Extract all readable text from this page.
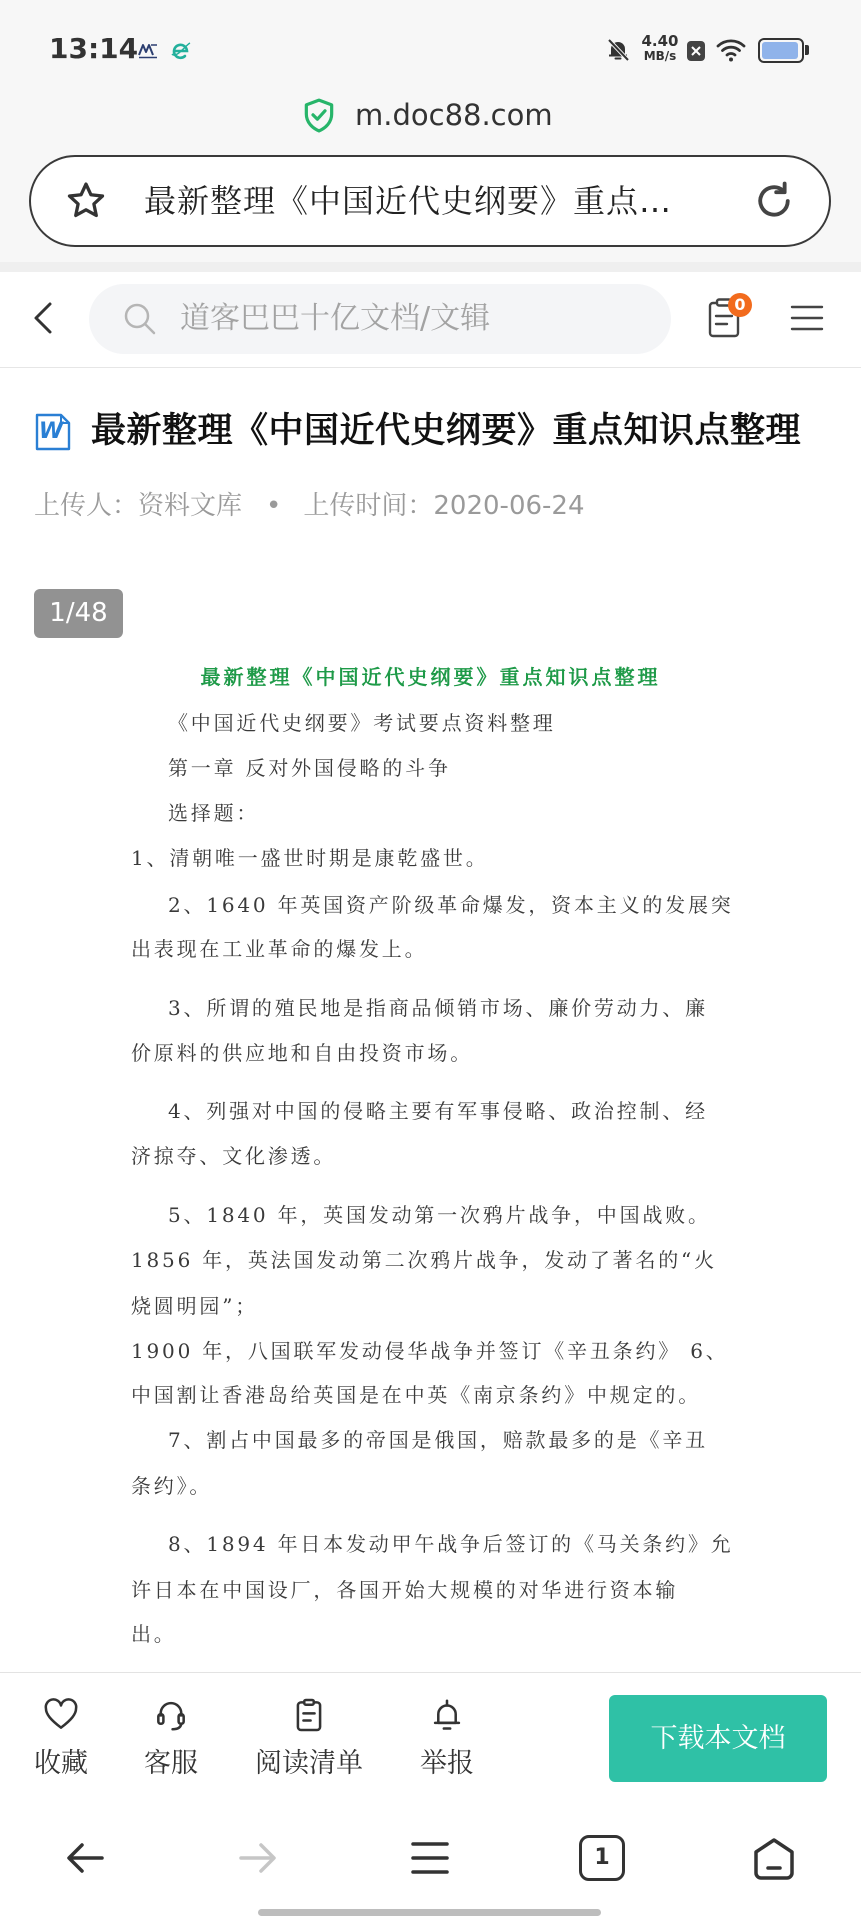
13:14	4.40
MB/s
m.doc88.com
最新整理《中国近代史纲要》重点…
道客巴巴十亿文档/文辑	0
W 最新整理《中国近代史纲要》重点知识点整理
上传人：资料文库 • 上传时间：2020-06-24
1/48
最新整理《中国近代史纲要》重点知识点整理
《中国近代史纲要》考试要点资料整理
第一章 反对外国侵略的斗争
选择题：
1、清朝唯一盛世时期是康乾盛世。
2、1640 年英国资产阶级革命爆发，资本主义的发展突
出表现在工业革命的爆发上。
3、所谓的殖民地是指商品倾销市场、廉价劳动力、廉
价原料的供应地和自由投资市场。
4、列强对中国的侵略主要有军事侵略、政治控制、经
济掠夺、文化渗透。
5、1840 年，英国发动第一次鸦片战争，中国战败。
1856 年，英法国发动第二次鸦片战争，发动了著名的“火
烧圆明园”；
1900 年，八国联军发动侵华战争并签订《辛丑条约》 6、
中国割让香港岛给英国是在中英《南京条约》中规定的。
7、割占中国最多的帝国是俄国，赔款最多的是《辛丑
条约》。
8、1894 年日本发动甲午战争后签订的《马关条约》允
许日本在中国设厂，各国开始大规模的对华进行资本输
出。
收藏	客服	阅读清单	举报
下载本文档
1
